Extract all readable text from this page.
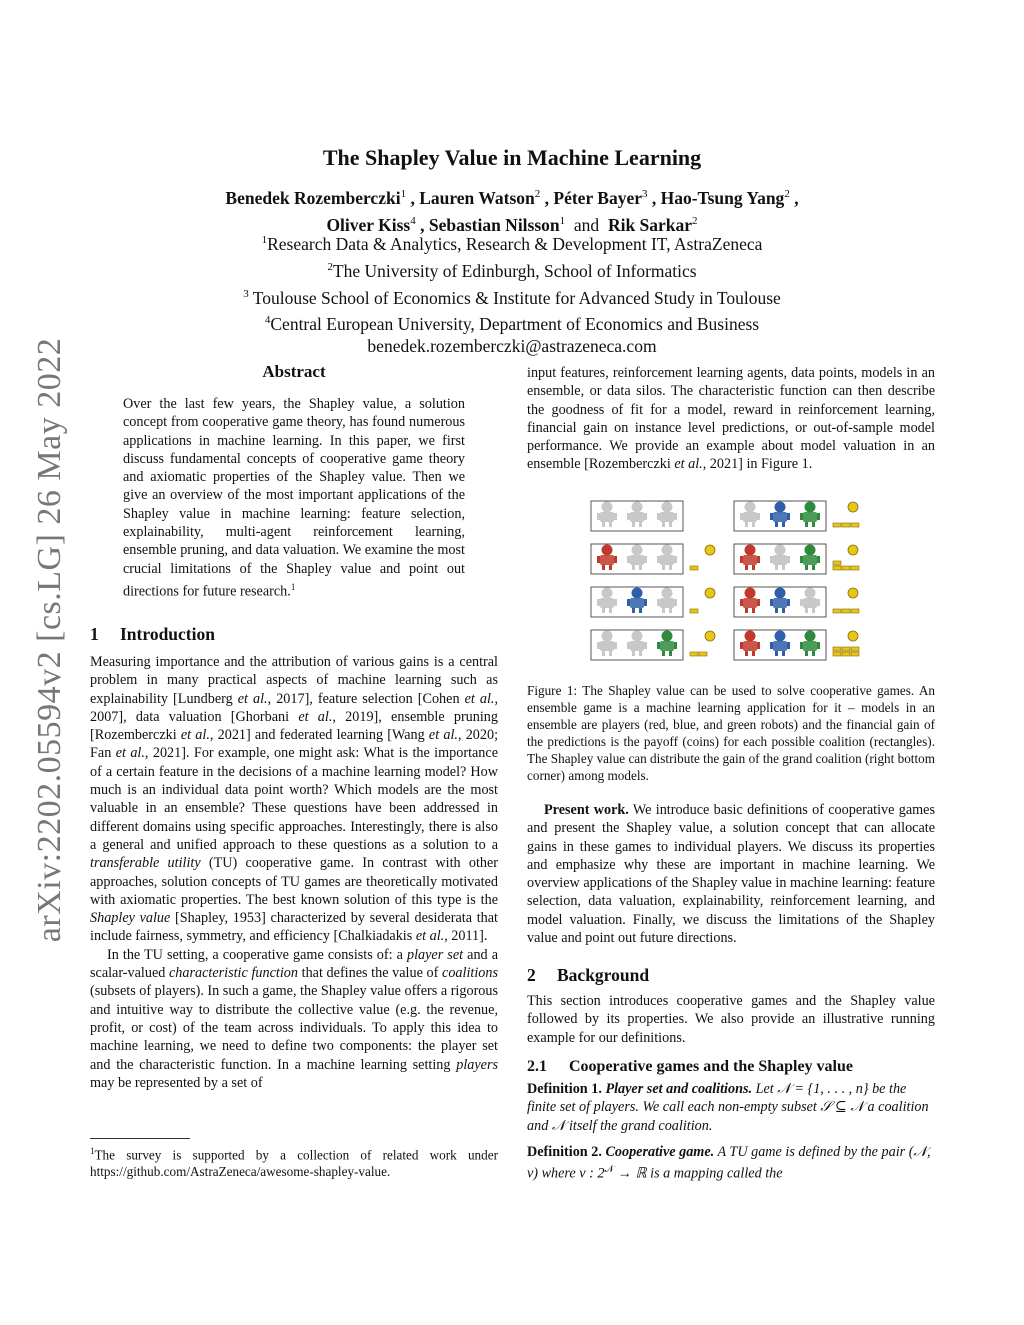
arXiv:2202.05594v2 [cs.LG] 26 May 2022
The Shapley Value in Machine Learning
Benedek Rozemberczki$^1$ , Lauren Watson$^2$ , Péter Bayer$^3$ , Hao-Tsung Yang$^2$ ,
Oliver Kiss$^4$ , Sebastian Nilsson$^1$ and Rik Sarkar$^2$
$^1$Research Data & Analytics, Research & Development IT, AstraZeneca
$^2$The University of Edinburgh, School of Informatics
$^3$ Toulouse School of Economics & Institute for Advanced Study in Toulouse
$^4$Central European University, Department of Economics and Business
benedek.rozemberczki@astrazeneca.com
Abstract
Over the last few years, the Shapley value, a solution concept from cooperative game theory, has found numerous applications in machine learning. In this paper, we first discuss fundamental concepts of cooperative game theory and axiomatic properties of the Shapley value. Then we give an overview of the most important applications of the Shapley value in machine learning: feature selection, explainability, multi-agent reinforcement learning, ensemble pruning, and data valuation. We examine the most crucial limitations of the Shapley value and point out directions for future research.$^1$
1 Introduction

Measuring importance and the attribution of various gains is a central problem in many practical aspects of machine learning such as explainability [Lundberg et al., 2017], feature selection [Cohen et al., 2007], data valuation [Ghorbani et al., 2019], ensemble pruning [Rozemberczki et al., 2021] and federated learning [Wang et al., 2020; Fan et al., 2021]. For example, one might ask: What is the importance of a certain feature in the decisions of a machine learning model? How much is an individual data point worth? Which models are the most valuable in an ensemble? These questions have been addressed in different domains using specific approaches. Interestingly, there is also a general and unified approach to these questions as a solution to a transferable utility (TU) cooperative game. In contrast with other approaches, solution concepts of TU games are theoretically motivated with axiomatic properties. The best known solution of this type is the Shapley value [Shapley, 1953] characterized by several desiderata that include fairness, symmetry, and efficiency [Chalkiadakis et al., 2011].

In the TU setting, a cooperative game consists of: a player set and a scalar-valued characteristic function that defines the value of coalitions (subsets of players). In such a game, the Shapley value offers a rigorous and intuitive way to distribute the collective value (e.g. the revenue, profit, or cost) of the team across individuals. To apply this idea to machine learning, we need to define two components: the player set and the characteristic function. In a machine learning setting players may be represented by a set of

$^1$The survey is supported by a collection of related work under https://github.com/AstraZeneca/awesome-shapley-value.

input features, reinforcement learning agents, data points, models in an ensemble, or data silos. The characteristic function can then describe the goodness of fit for a model, reward in reinforcement learning, financial gain on instance level predictions, or out-of-sample model performance. We provide an example about model valuation in an ensemble [Rozemberczki et al., 2021] in Figure 1.

Figure 1: The Shapley value can be used to solve cooperative games. An ensemble game is a machine learning application for it – models in an ensemble are players (red, blue, and green robots) and the financial gain of the predictions is the payoff (coins) for each possible coalition (rectangles). The Shapley value can distribute the gain of the grand coalition (right bottom corner) among models.

Present work. We introduce basic definitions of cooperative games and present the Shapley value, a solution concept that can allocate gains in these games to individual players. We discuss its properties and emphasize why these are important in machine learning. We overview applications of the Shapley value in machine learning: feature selection, data valuation, explainability, reinforcement learning, and model valuation. Finally, we discuss the limitations of the Shapley value and point out future directions.

2 Background
This section introduces cooperative games and the Shapley value followed by its properties. We also provide an illustrative running example for our definitions.
2.1 Cooperative games and the Shapley value
Definition 1. Player set and coalitions. Let 𝒩 = {1, . . . , n} be the finite set of players. We call each non-empty subset 𝒮 ⊆ 𝒩 a coalition and 𝒩 itself the grand coalition.
Definition 2. Cooperative game. A TU game is defined by the pair (𝒩, v) where v : $2^𝒩$ → ℝ is a mapping called the
